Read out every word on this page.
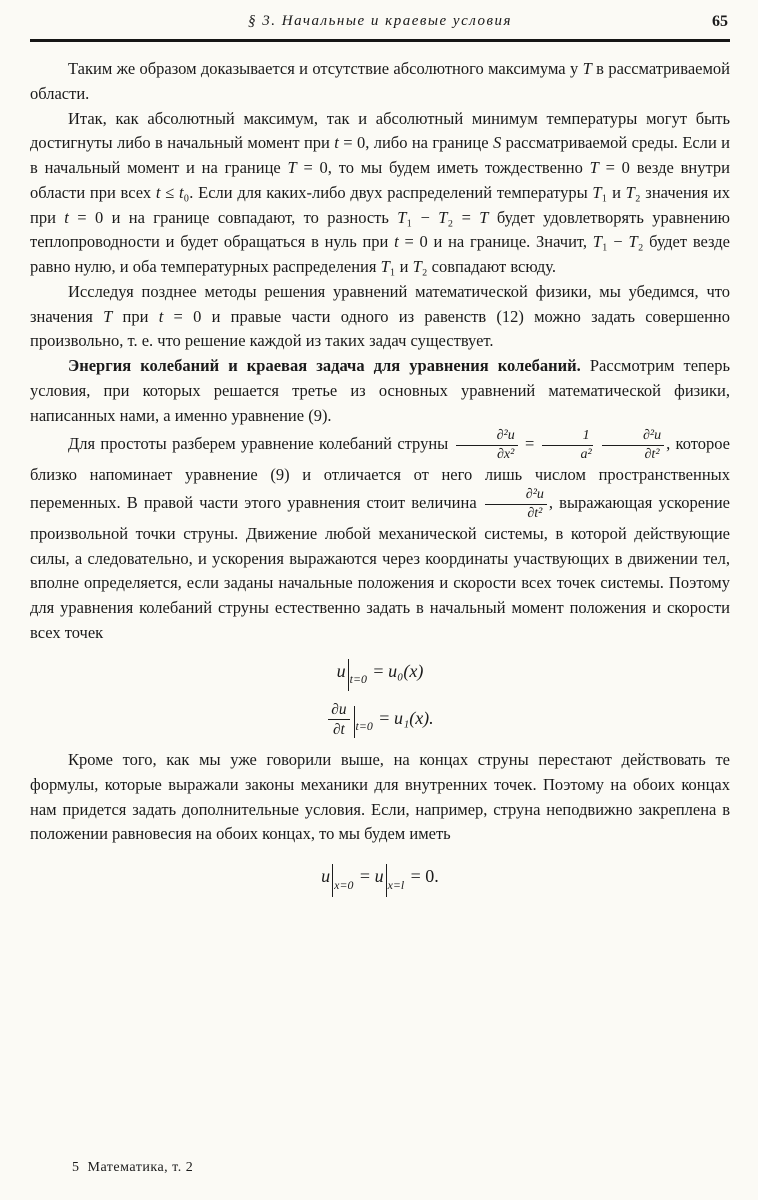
§ 3. Начальные и краевые условия	65

Таким же образом доказывается и отсутствие абсолютного максимума у T в рассматриваемой области.

Итак, как абсолютный максимум, так и абсолютный минимум температуры могут быть достигнуты либо в начальный момент при t = 0, либо на границе S рассматриваемой среды. Если и в начальный момент и на границе T = 0, то мы будем иметь тождественно T = 0 везде внутри области при всех t ≤ t₀. Если для каких-либо двух распределений температуры T₁ и T₂ значения их при t = 0 и на границе совпадают, то разность T₁ − T₂ = T будет удовлетворять уравнению теплопроводности и будет обращаться в нуль при t = 0 и на границе. Значит, T₁ − T₂ будет везде равно нулю, и оба температурных распределения T₁ и T₂ совпадают всюду.

Исследуя позднее методы решения уравнений математической физики, мы убедимся, что значения T при t = 0 и правые части одного из равенств (12) можно задать совершенно произвольно, т. е. что решение каждой из таких задач существует.

Энергия колебаний и краевая задача для уравнения колебаний. Рассмотрим теперь условия, при которых решается третье из основных уравнений математической физики, написанных нами, а именно уравнение (9).

Для простоты разберем уравнение колебаний струны $\frac{\text{∂²u}}{\text{∂x²}} = \frac{1}{\text{a²}}$
$\frac{\text{∂²u}}{\text{∂t²}}$ , которое близко напоминает уравнение (9) и отличается от него лишь числом пространственных переменных. В правой части этого уравнения стоит величина $\frac{\text{∂²u}}{\text{∂t²}}$ , выражающая ускорение произвольной точки струны. Движение любой механической системы, в которой действующие силы, а следовательно, и ускорения выражаются через координаты участвующих в движении тел, вполне определяется, если заданы начальные положения и скорости всех точек системы. Поэтому для уравнения колебаний струны естественно задать в начальный момент положения и скорости всех точек

u $_{t=0}$ = u₀(x)
$\frac{\partial u}{\partial t} _{t=0} = u_1(x)$.

Кроме того, как мы уже говорили выше, на концах струны перестают действовать те формулы, которые выражали законы механики для внутренних точек. Поэтому на обоих концах нам придется задать дополнительные условия. Если, например, струна неподвижно закреплена в положении равновесия на обоих концах, то мы будем иметь

u $_{x=0}$ = u $_{x=l}$ = 0.
5  Математика, т. 2
